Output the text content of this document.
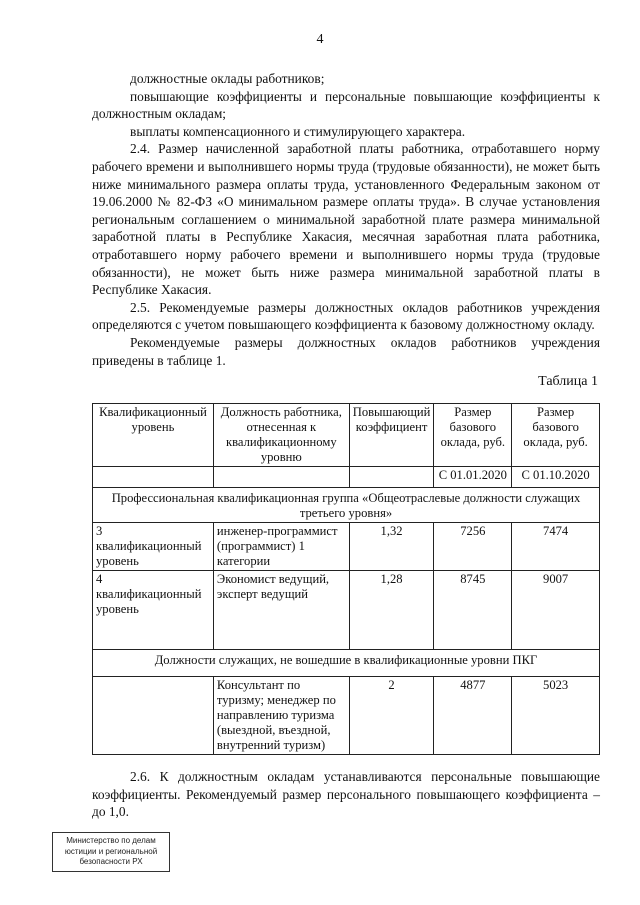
4

должностные оклады работников;

повышающие коэффициенты и персональные повышающие коэффициенты к должностным окладам;

выплаты компенсационного и стимулирующего характера.

2.4. Размер начисленной заработной платы работника, отработавшего норму рабочего времени и выполнившего нормы труда (трудовые обязанности), не может быть ниже минимального размера оплаты труда, установленного Федеральным законом от 19.06.2000 № 82-ФЗ «О минимальном размере оплаты труда». В случае установления региональным соглашением о минимальной заработной плате размера минимальной заработной платы в Республике Хакасия, месячная заработная плата работника, отработавшего норму рабочего времени и выполнившего нормы труда (трудовые обязанности), не может быть ниже размера минимальной заработной платы в Республике Хакасия.

2.5. Рекомендуемые размеры должностных окладов работников учреждения определяются с учетом повышающего коэффициента к базовому должностному окладу.

Рекомендуемые размеры должностных окладов работников учреждения приведены в таблице 1.

Таблица 1
Квалификационный уровень	Должность работника, отнесенная к квалификационному уровню	Повышающий коэффициент	Размер базового оклада, руб.	Размер базового оклада, руб.
			С 01.01.2020	С 01.10.2020
Профессиональная квалификационная группа «Общеотраслевые должности служащих третьего уровня»				
3 квалификационный уровень	инженер-программист (программист) 1 категории	1,32	7256	7474
4 квалификационный уровень	Экономист ведущий, эксперт ведущий	1,28	8745	9007
Должности служащих, не вошедшие в квалификационные уровни ПКГ				
	Консультант по туризму; менеджер по направлению туризма (выездной, въездной, внутренний туризм)	2	4877	5023

2.6. К должностным окладам устанавливаются персональные повышающие коэффициенты. Рекомендуемый размер персонального повышающего коэффициента – до 1,0.

Министерство по делам
юстиции и региональной
безопасности РХ
